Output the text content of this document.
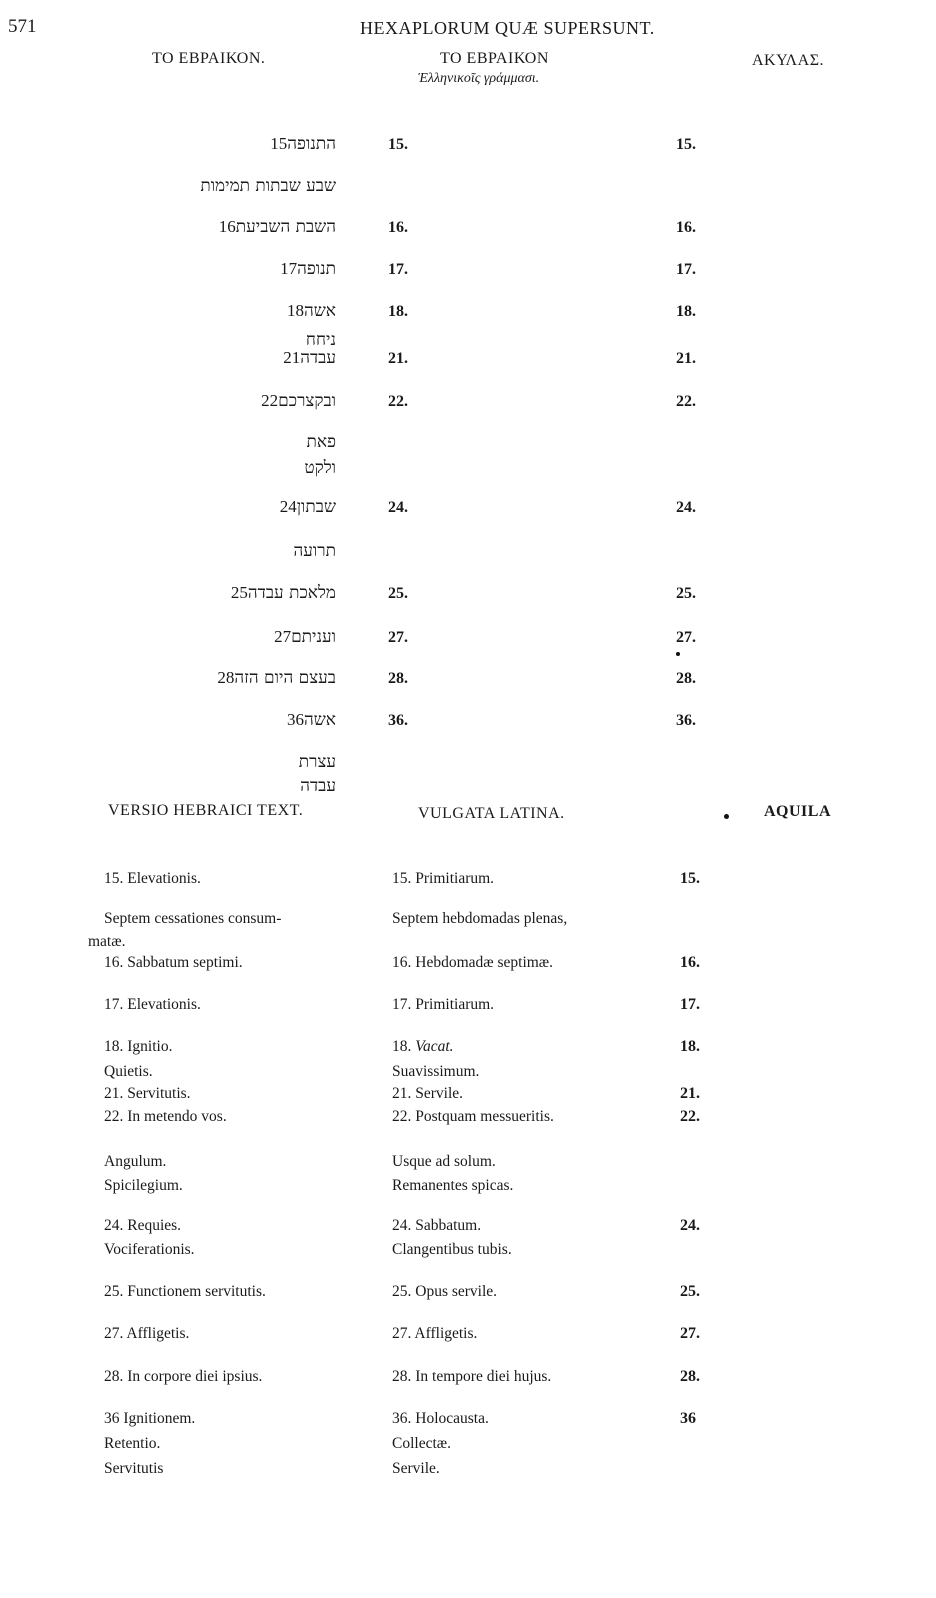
571	HEXAPLORUM QUÆ SUPERSUNT.
ΤΟ ΕΒΡΑΙΚΟΝ.	ΤΟ ΕΒΡΑΙΚΟΝ
Ἑλληνικοῖς γράμμασι.
ΑΚΥΛΑΣ.
התנופה 15	15.	15.
שבע שבתות תמימות
השבת השביעת 16	16.	16.
תנופה 17	17.	17.
אשה 18	18.	18.
ניחח
עבדה 21	21.	21.
ובקצרכם 22	22.	22.
פאת
ולקט
שבתון 24	24.	24.
תרועה
מלאכת עבדה 25	25.	25.
ועניתם 27	27.	27.
בעצם היום הזה 28	28.	28.
אשה 36	36.	36.
עצרת
עבדה
VERSIO HEBRAICI TEXT.	VULGATA LATINA.	AQUILA
15. Elevationis.	15. Primitiarum.	15.
Septem cessationes consum-	Septem hebdomadas plenas,
matæ.
16. Sabbatum septimi.	16. Hebdomadæ septimæ.	16.
17. Elevationis.	17. Primitiarum.	17.
18. Ignitio.	18. Vacat.	18.
Quietis.	Suavissimum.
21. Servitutis.	21. Servile.	21.
22. In metendo vos.	22. Postquam messueritis.	22.
Angulum.	Usque ad solum.
Spicilegium.	Remanentes spicas.
24. Requies.	24. Sabbatum.	24.
Vociferationis.	Clangentibus tubis.
25. Functionem servitutis.	25. Opus servile.	25.
27. Affligetis.	27. Affligetis.	27.
28. In corpore diei ipsius.	28. In tempore diei hujus.	28.
36 Ignitionem.	36. Holocausta.	36
Retentio.	Collectæ.
Servitutis	Servile.
